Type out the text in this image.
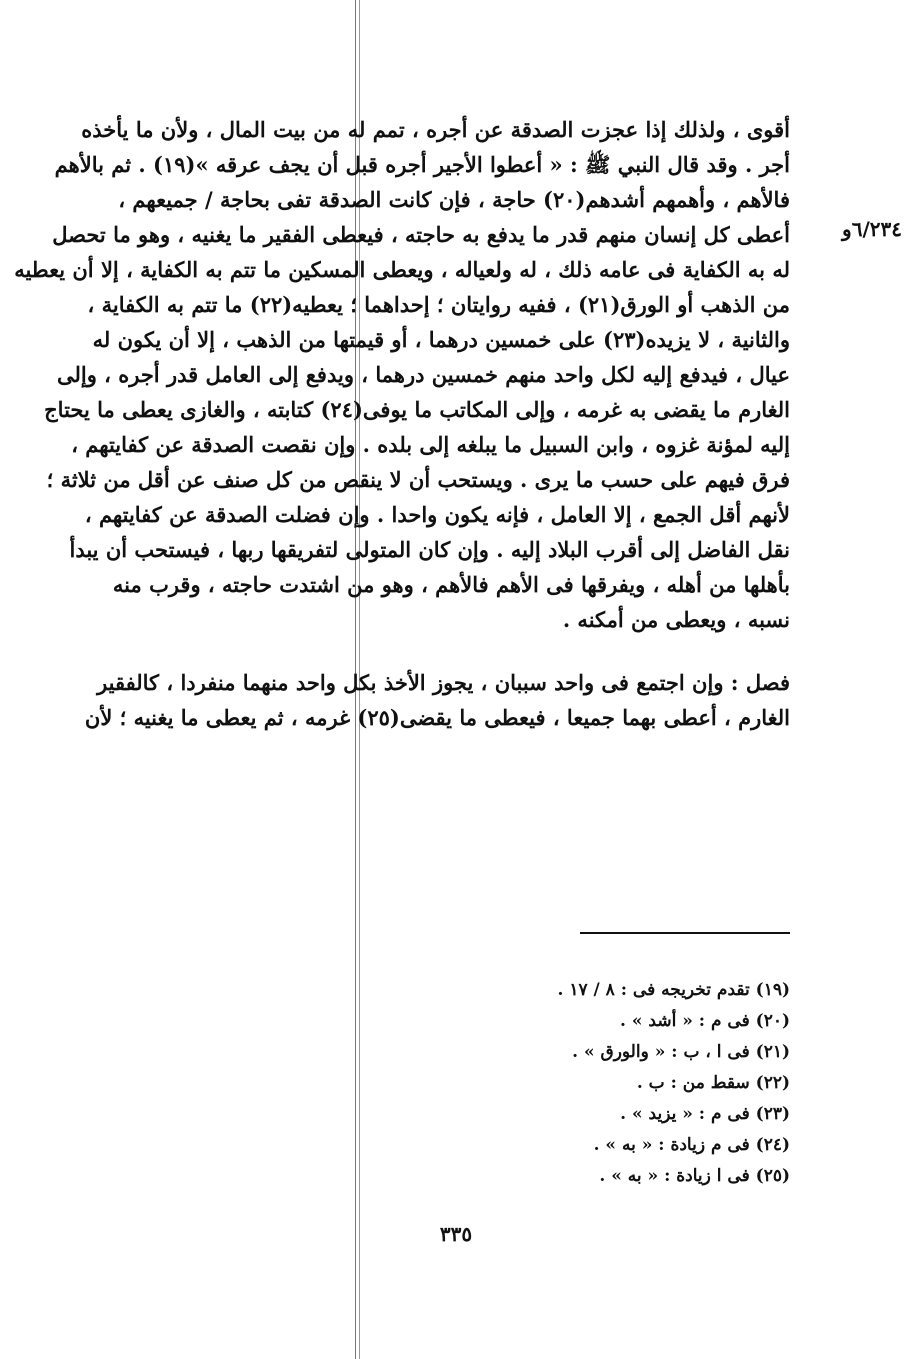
٦/٢٣٤و
أقوى ، ولذلك إذا عجزت الصدقة عن أجره ، تمم له من بيت المال ، ولأن ما يأخذه
أجر . وقد قال النبي ﷺ : « أعطوا الأجير أجره قبل أن يجف عرقه »(١٩) . ثم بالأهم
فالأهم ، وأهمهم أشدهم(٢٠) حاجة ، فإن كانت الصدقة تفى بحاجة / جميعهم ،
أعطى كل إنسان منهم قدر ما يدفع به حاجته ، فيعطى الفقير ما يغنيه ، وهو ما تحصل
له به الكفاية فى عامه ذلك ، له ولعياله ، ويعطى المسكين ما تتم به الكفاية ، إلا أن يعطيه
من الذهب أو الورق(٢١) ، ففيه روايتان ؛ إحداهما ؛ يعطيه(٢٢) ما تتم به الكفاية ،
والثانية ، لا يزيده(٢٣) على خمسين درهما ، أو قيمتها من الذهب ، إلا أن يكون له
عيال ، فيدفع إليه لكل واحد منهم خمسين درهما ، ويدفع إلى العامل قدر أجره ، وإلى
الغارم ما يقضى به غرمه ، وإلى المكاتب ما يوفى(٢٤) كتابته ، والغازى يعطى ما يحتاج
إليه لمؤنة غزوه ، وابن السبيل ما يبلغه إلى بلده . وإن نقصت الصدقة عن كفايتهم ،
فرق فيهم على حسب ما يرى . ويستحب أن لا ينقص من كل صنف عن أقل من ثلاثة ؛
لأنهم أقل الجمع ، إلا العامل ، فإنه يكون واحدا . وإن فضلت الصدقة عن كفايتهم ،
نقل الفاضل إلى أقرب البلاد إليه . وإن كان المتولى لتفريقها ربها ، فيستحب أن يبدأ
بأهلها من أهله ، ويفرقها فى الأهم فالأهم ، وهو من اشتدت حاجته ، وقرب منه
نسبه ، ويعطى من أمكنه .
فصل : وإن اجتمع فى واحد سببان ، يجوز الأخذ بكل واحد منهما منفردا ، كالفقير
الغارم ، أعطى بهما جميعا ، فيعطى ما يقضى(٢٥) غرمه ، ثم يعطى ما يغنيه ؛ لأن
(١٩) تقدم تخريجه فى : ٨ / ١٧ .
(٢٠) فى م : « أشد » .
(٢١) فى ا ، ب : « والورق » .
(٢٢) سقط من : ب .
(٢٣) فى م : « يزيد » .
(٢٤) فى م زيادة : « به » .
(٢٥) فى ا زيادة : « به » .
٣٣٥
